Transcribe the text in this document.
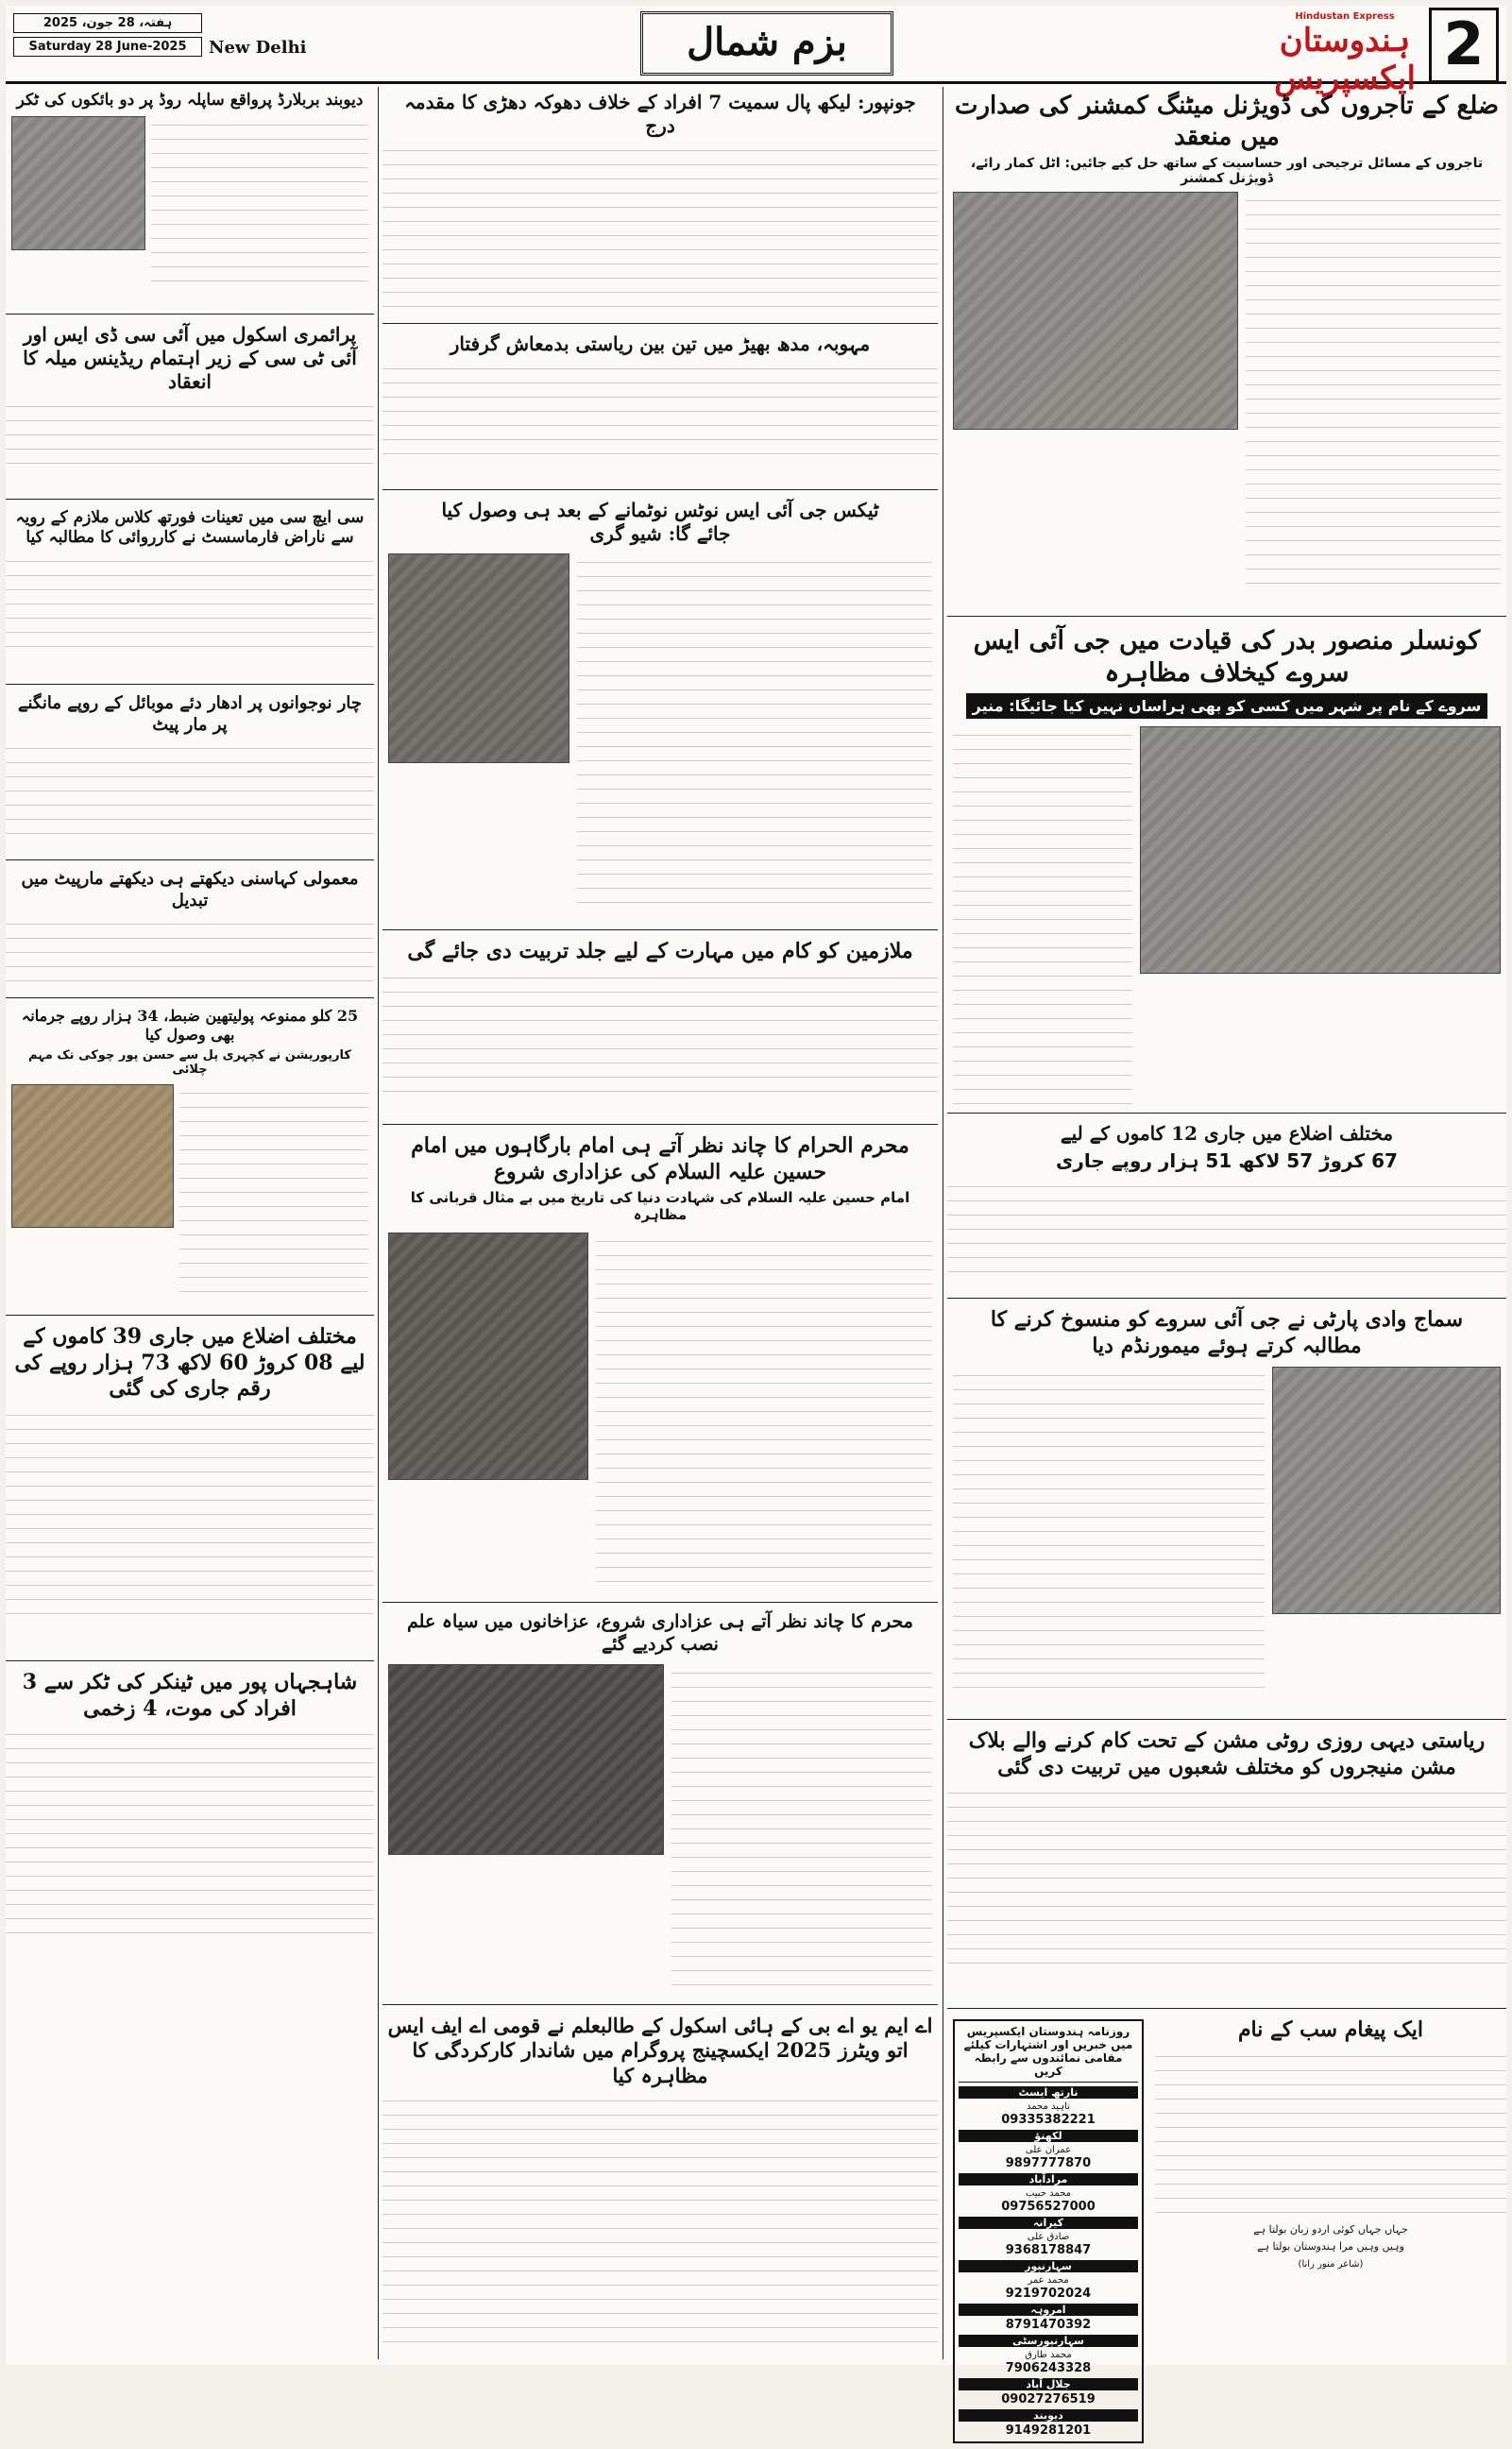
ہفتہ، 28 جون، 2025
Saturday 28 June-2025	New Delhi	بزم شمال
Hindustan Express
ہندوستان ایکسپریس 2
ضلع کے تاجروں کی ڈویژنل میٹنگ کمشنر کی صدارت میں منعقد
تاجروں کے مسائل ترجیحی اور حساسیت کے ساتھ حل کیے جائیں: اٹل کمار رائے، ڈویژنل کمشنر
کونسلر منصور بدر کی قیادت میں جی آئی ایس سروے کیخلاف مظاہرہ
سروے کے نام پر شہر میں کسی کو بھی ہراساں نہیں کیا جائیگا: منیر
مختلف اضلاع میں جاری 12 کاموں کے لیے
67 کروڑ 57 لاکھ 51 ہزار روپے جاری
سماج وادی پارٹی نے جی آئی سروے کو منسوخ کرنے کا مطالبہ کرتے ہوئے میمورنڈم دیا
ریاستی دیہی روزی روٹی مشن کے تحت کام کرنے والے بلاک مشن منیجروں کو مختلف شعبوں میں تربیت دی گئی
ایک پیغام سب کے نام
جہاں جہاں کوئی اردو زبان بولتا ہے
وہیں وہیں مرا ہندوستان بولتا ہے
(شاعر منور رانا)
روزنامہ ہندوستان ایکسپریس میں خبریں اور اشتہارات کیلئے مقامی نمائندوں سے رابطہ کریں
نارتھ ایسٹ
ناہید محمد
09335382221
لکھنؤ
عمران علی
9897777870
مرادآباد
محمد حبیب
09756527000
کیرانہ
صادق علی
9368178847
سہارنپور
محمد عمر
9219702024
امروہہ
8791470392
سہارنپورسٹی
محمد طارق
7906243328
جلال آباد
09027276519
دیوبند
9149281201
جونپور: لیکھ پال سمیت 7 افراد کے خلاف دھوکہ دھڑی کا مقدمہ درج
مہوبہ، مدھ بھیڑ میں تین بین ریاستی بدمعاش گرفتار
ٹیکس جی آئی ایس نوٹس نوٹمانے کے بعد ہی وصول کیا جائے گا: شیو گری
ملازمین کو کام میں مہارت کے لیے جلد تربیت دی جائے گی
محرم الحرام کا چاند نظر آتے ہی امام بارگاہوں میں امام حسین علیہ السلام کی عزاداری شروع
امام حسین علیہ السلام کی شہادت دنیا کی تاریخ میں بے مثال قربانی کا مظاہرہ
محرم کا چاند نظر آتے ہی عزاداری شروع، عزاخانوں میں سیاہ علم نصب کردیے گئے
اے ایم یو اے بی کے ہائی اسکول کے طالبعلم نے قومی اے ایف ایس اتو ویٹرز 2025 ایکسچینج پروگرام میں شاندار کارکردگی کا مظاہرہ کیا
دیوبند بربلارڈ پرواقع ساپلہ روڈ پر دو بائکوں کی ٹکر
پرائمری اسکول میں آئی سی ڈی ایس اور آئی ٹی سی کے زیر اہتمام ریڈینس میلہ کا انعقاد
سی ایچ سی میں تعینات فورتھ کلاس ملازم کے رویہ سے ناراض فارماسسٹ نے کارروائی کا مطالبہ کیا
چار نوجوانوں پر ادھار دئے موبائل کے روپے مانگنے پر مار پیٹ
معمولی کہاسنی دیکھتے ہی دیکھتے مارپیٹ میں تبدیل
25 کلو ممنوعہ پولیتھین ضبط، 34 ہزار روپے جرمانہ بھی وصول کیا
کارپوریشن نے کچہری پل سے حسن پور چوکی تک مہم چلائی
مختلف اضلاع میں جاری 39 کاموں کے لیے 08 کروڑ 60 لاکھ 73 ہزار روپے کی رقم جاری کی گئی
شاہجہاں پور میں ٹینکر کی ٹکر سے 3 افراد کی موت، 4 زخمی
